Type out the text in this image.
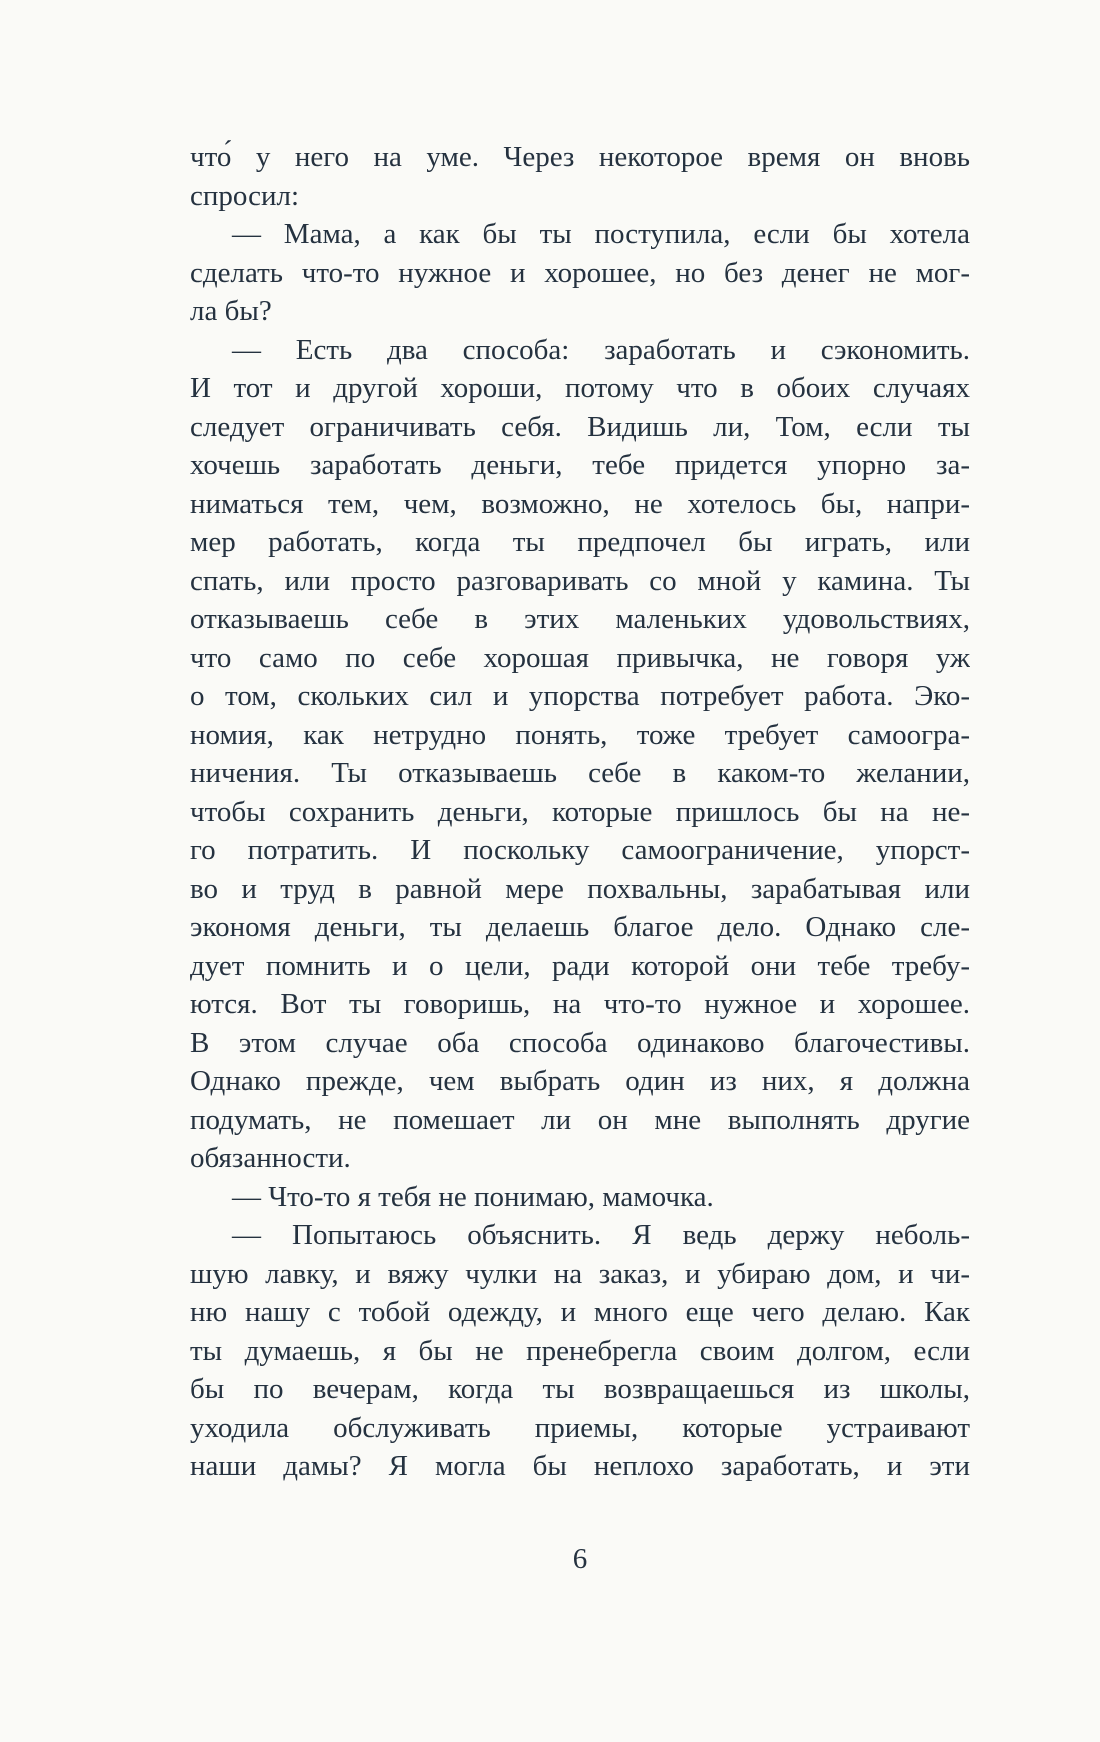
что́ у него на уме. Через некоторое время он вновь
спросил:
— Мама, а как бы ты поступила, если бы хотела
сделать что-то нужное и хорошее, но без денег не мог-
ла бы?
— Есть два способа: заработать и сэкономить.
И тот и другой хороши, потому что в обоих случаях
следует ограничивать себя. Видишь ли, Том, если ты
хочешь заработать деньги, тебе придется упорно за-
ниматься тем, чем, возможно, не хотелось бы, напри-
мер работать, когда ты предпочел бы играть, или
спать, или просто разговаривать со мной у камина. Ты
отказываешь себе в этих маленьких удовольствиях,
что само по себе хорошая привычка, не говоря уж
о том, скольких сил и упорства потребует работа. Эко-
номия, как нетрудно понять, тоже требует самоогра-
ничения. Ты отказываешь себе в каком-то желании,
чтобы сохранить деньги, которые пришлось бы на не-
го потратить. И поскольку самоограничение, упорст-
во и труд в равной мере похвальны, зарабатывая или
экономя деньги, ты делаешь благое дело. Однако сле-
дует помнить и о цели, ради которой они тебе требу-
ются. Вот ты говоришь, на что-то нужное и хорошее.
В этом случае оба способа одинаково благочестивы.
Однако прежде, чем выбрать один из них, я должна
подумать, не помешает ли он мне выполнять другие
обязанности.
— Что-то я тебя не понимаю, мамочка.
— Попытаюсь объяснить. Я ведь держу неболь-
шую лавку, и вяжу чулки на заказ, и убираю дом, и чи-
ню нашу с тобой одежду, и много еще чего делаю. Как
ты думаешь, я бы не пренебрегла своим долгом, если
бы по вечерам, когда ты возвращаешься из школы,
уходила обслуживать приемы, которые устраивают
наши дамы? Я могла бы неплохо заработать, и эти
6
